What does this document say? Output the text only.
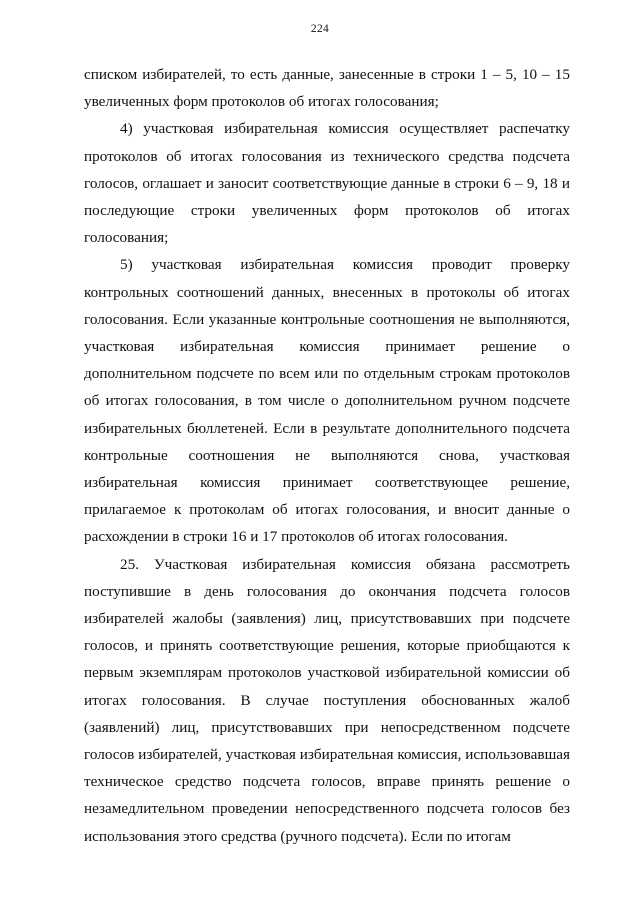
224

списком избирателей, то есть данные, занесенные в строки 1 – 5, 10 – 15 увеличенных форм протоколов об итогах голосования;

4) участковая избирательная комиссия осуществляет распечатку протоколов об итогах голосования из технического средства подсчета голосов, оглашает и заносит соответствующие данные в строки 6 – 9, 18 и последующие строки увеличенных форм протоколов об итогах голосования;

5) участковая избирательная комиссия проводит проверку контрольных соотношений данных, внесенных в протоколы об итогах голосования. Если указанные контрольные соотношения не выполняются, участковая избирательная комиссия принимает решение о дополнительном подсчете по всем или по отдельным строкам протоколов об итогах голосования, в том числе о дополнительном ручном подсчете избирательных бюллетеней. Если в результате дополнительного подсчета контрольные соотношения не выполняются снова, участковая избирательная комиссия принимает соответствующее решение, прилагаемое к протоколам об итогах голосования, и вносит данные о расхождении в строки 16 и 17 протоколов об итогах голосования.

25. Участковая избирательная комиссия обязана рассмотреть поступившие в день голосования до окончания подсчета голосов избирателей жалобы (заявления) лиц, присутствовавших при подсчете голосов, и принять соответствующие решения, которые приобщаются к первым экземплярам протоколов участковой избирательной комиссии об итогах голосования. В случае поступления обоснованных жалоб (заявлений) лиц, присутствовавших при непосредственном подсчете голосов избирателей, участковая избирательная комиссия, использовавшая техническое средство подсчета голосов, вправе принять решение о незамедлительном проведении непосредственного подсчета голосов без использования этого средства (ручного подсчета). Если по итогам
